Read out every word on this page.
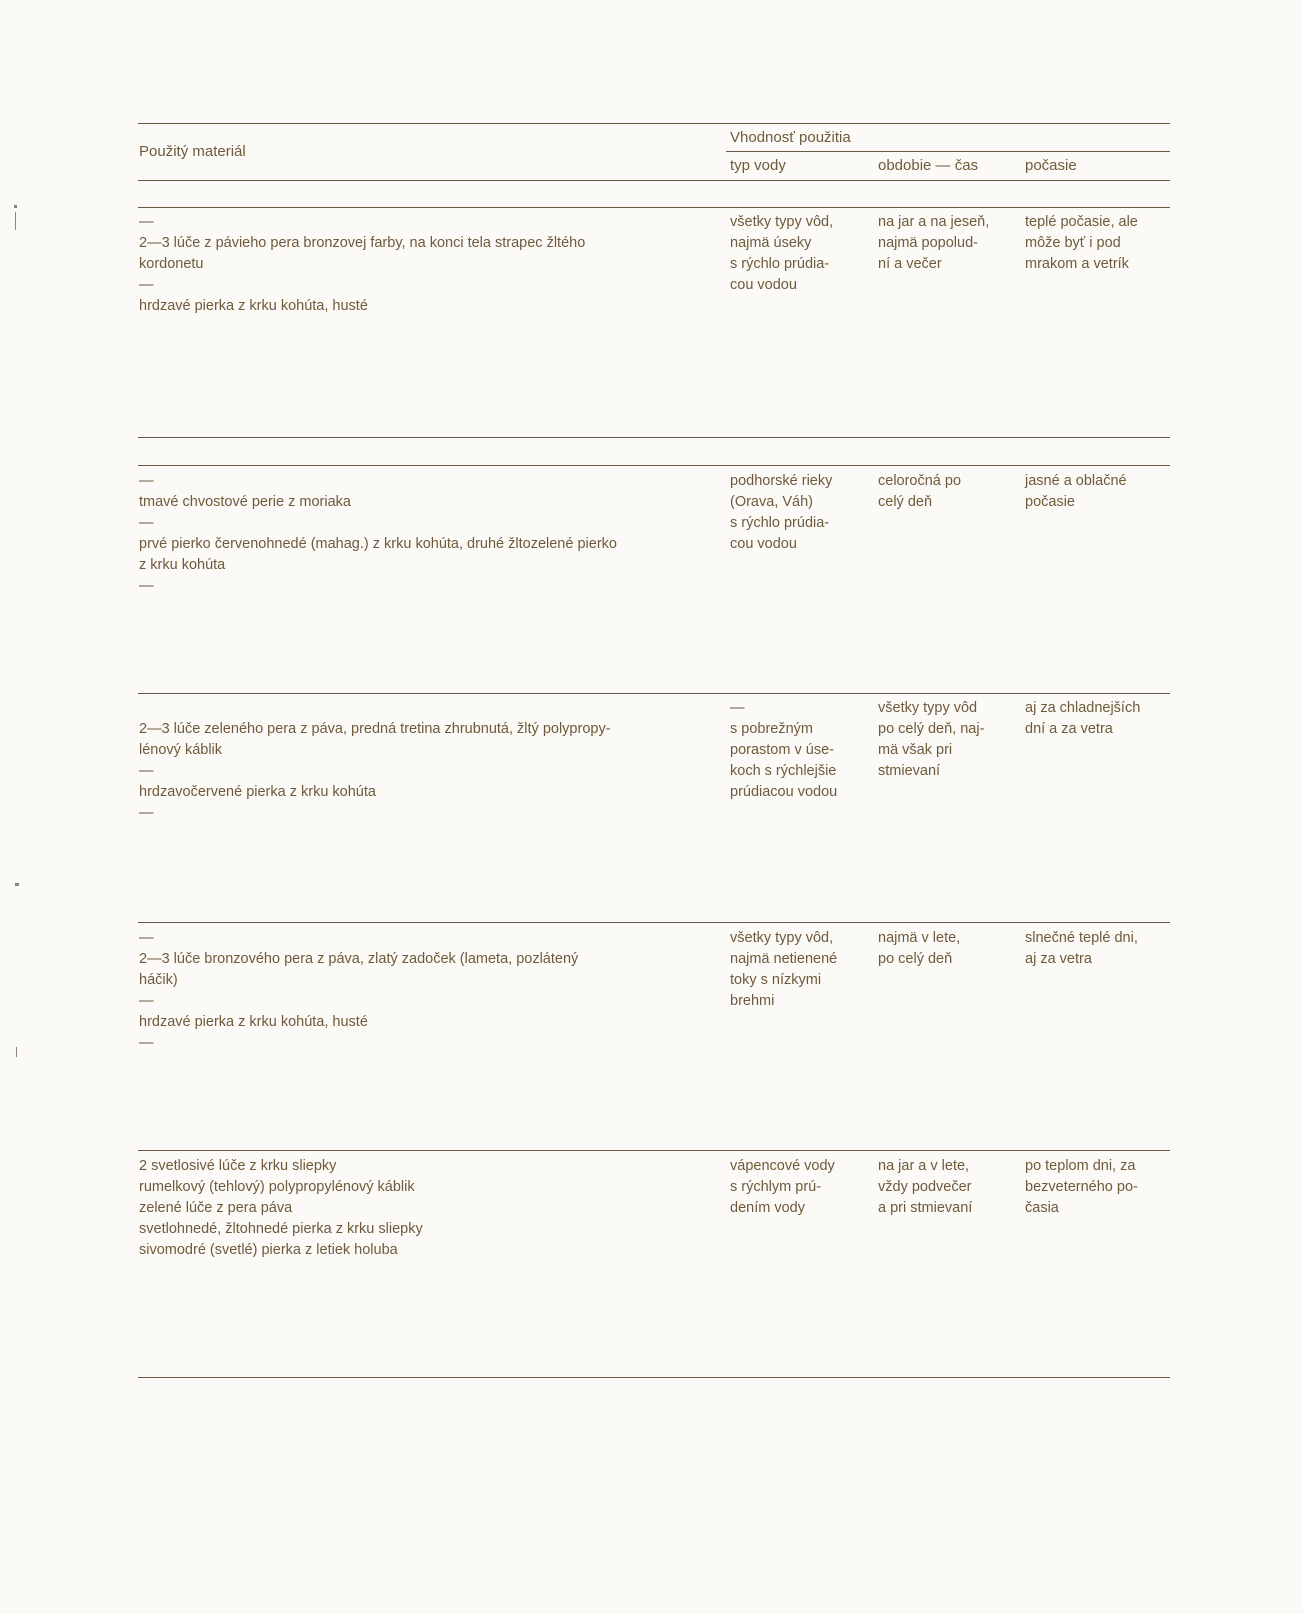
Použitý materiál
Vhodnosť použitia
typ vody	obdobie — čas	počasie
—
2—3 lúče z pávieho pera bronzovej farby, na konci tela strapec žltého
kordonetu
—
hrdzavé pierka z krku kohúta, husté
všetky typy vôd,
najmä úseky
s rýchlo prúdia-
cou vodou
na jar a na jeseň,
najmä popolud-
ní a večer
teplé počasie, ale
môže byť i pod
mrakom a vetrík
—
tmavé chvostové perie z moriaka
—
prvé pierko červenohnedé (mahag.) z krku kohúta, druhé žltozelené pierko
z krku kohúta
—
podhorské rieky
(Orava, Váh)
s rýchlo prúdia-
cou vodou
celoročná po
celý deň
jasné a oblačné
počasie
2—3 lúče zeleného pera z páva, predná tretina zhrubnutá, žltý polypropy-
lénový káblik
—
hrdzavočervené pierka z krku kohúta
—
—
s pobrežným
porastom v úse-
koch s rýchlejšie
prúdiacou vodou
všetky typy vôd
po celý deň, naj-
mä však pri
stmievaní
aj za chladnejších
dní a za vetra
—
2—3 lúče bronzového pera z páva, zlatý zadoček (lameta, pozlátený
háčik)
—
hrdzavé pierka z krku kohúta, husté
—
všetky typy vôd,
najmä netienené
toky s nízkymi
brehmi
najmä v lete,
po celý deň
slnečné teplé dni,
aj za vetra
2 svetlosivé lúče z krku sliepky
rumelkový (tehlový) polypropylénový káblik
zelené lúče z pera páva
svetlohnedé, žltohnedé pierka z krku sliepky
sivomodré (svetlé) pierka z letiek holuba
vápencové vody
s rýchlym prú-
dením vody
na jar a v lete,
vždy podvečer
a pri stmievaní
po teplom dni, za
bezveterného po-
časia
